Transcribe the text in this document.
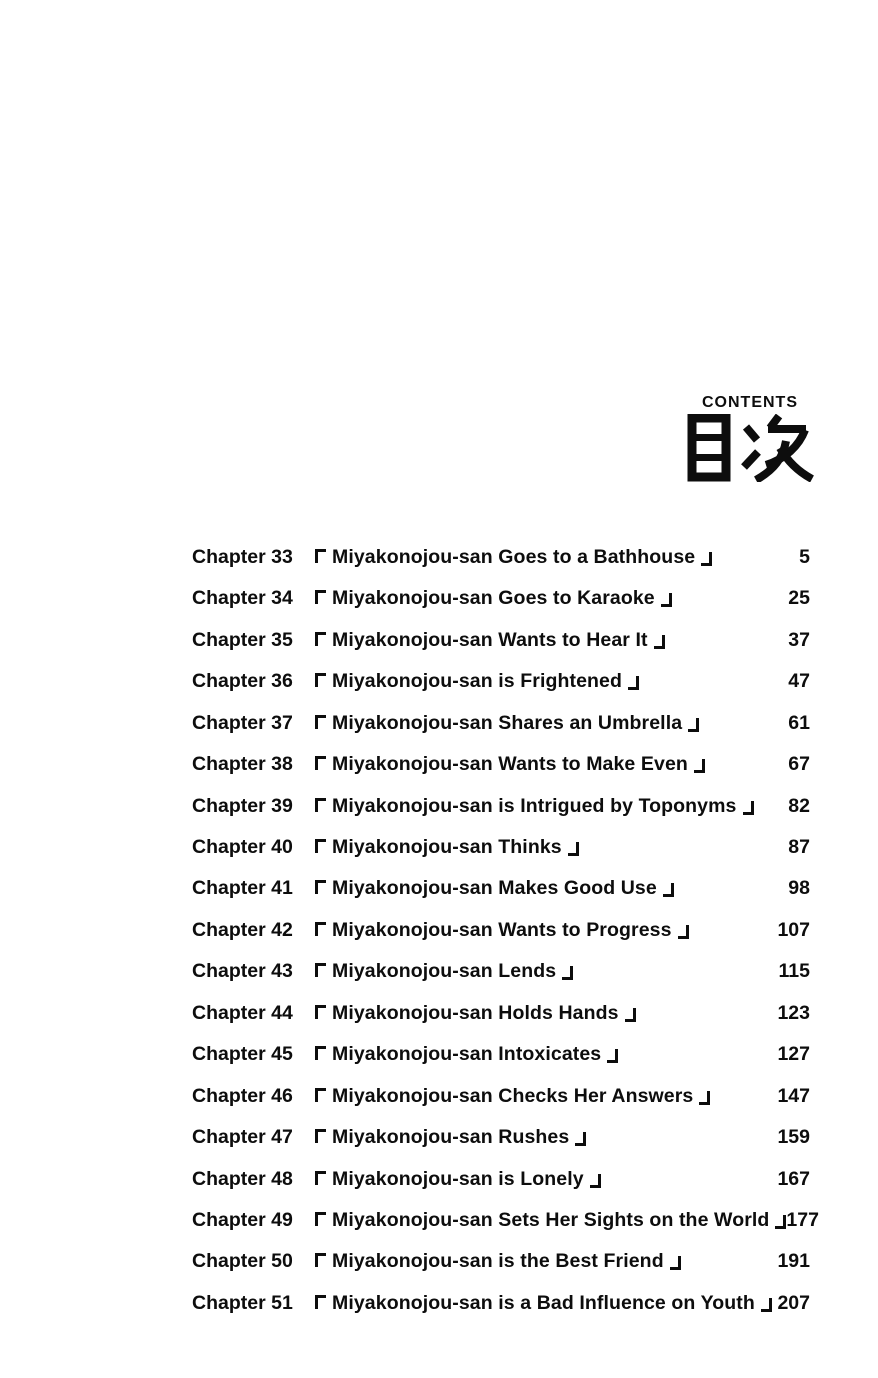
CONTENTS
Chapter 33	Miyakonojou-san Goes to a Bathhouse	5
Chapter 34	Miyakonojou-san Goes to Karaoke	25
Chapter 35	Miyakonojou-san Wants to Hear It	37
Chapter 36	Miyakonojou-san is Frightened	47
Chapter 37	Miyakonojou-san Shares an Umbrella	61
Chapter 38	Miyakonojou-san Wants to Make Even	67
Chapter 39	Miyakonojou-san is Intrigued by Toponyms	82
Chapter 40	Miyakonojou-san Thinks	87
Chapter 41	Miyakonojou-san Makes Good Use	98
Chapter 42	Miyakonojou-san Wants to Progress	107
Chapter 43	Miyakonojou-san Lends	115
Chapter 44	Miyakonojou-san Holds Hands	123
Chapter 45	Miyakonojou-san Intoxicates	127
Chapter 46	Miyakonojou-san Checks Her Answers	147
Chapter 47	Miyakonojou-san Rushes	159
Chapter 48	Miyakonojou-san is Lonely	167
Chapter 49	Miyakonojou-san Sets Her Sights on the World 177
Chapter 50	Miyakonojou-san is the Best Friend	191
Chapter 51	Miyakonojou-san is a Bad Influence on Youth	207
